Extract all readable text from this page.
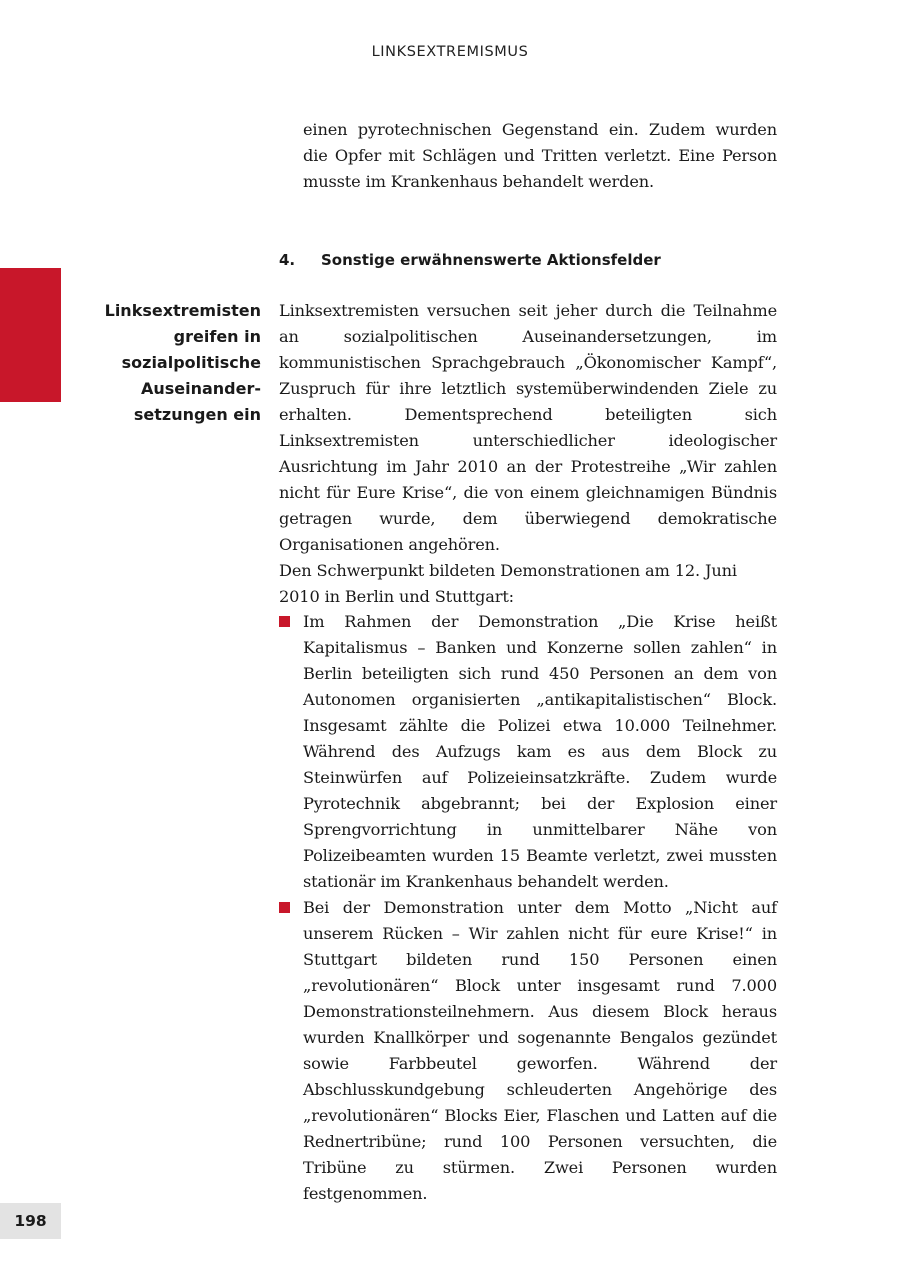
LINKSEXTREMISMUS

einen pyrotechnischen Gegenstand ein. Zudem wurden die Opfer mit Schlägen und Tritten verletzt. Eine Person musste im Krankenhaus behandelt werden.

4. Sonstige erwähnenswerte Aktionsfelder
Linksextremisten
greifen in
sozialpolitische
Auseinander-
setzungen ein

Linksextremisten versuchen seit jeher durch die Teilnahme an sozialpolitischen Auseinandersetzungen, im kommunistischen Sprachgebrauch „Ökonomischer Kampf“, Zuspruch für ihre letztlich systemüberwindenden Ziele zu erhalten. Dementsprechend beteiligten sich Linksextremisten unterschiedlicher ideologischer Ausrichtung im Jahr 2010 an der Protestreihe „Wir zahlen nicht für Eure Krise“, die von einem gleichnamigen Bündnis getragen wurde, dem überwiegend demokratische Organisationen angehören.

Den Schwerpunkt bildeten Demonstrationen am 12. Juni 2010 in Berlin und Stuttgart:

Im Rahmen der Demonstration „Die Krise heißt Kapitalismus – Banken und Konzerne sollen zahlen“ in Berlin beteiligten sich rund 450 Personen an dem von Autonomen organisierten „antikapitalistischen“ Block. Insgesamt zählte die Polizei etwa 10.000 Teilnehmer. Während des Aufzugs kam es aus dem Block zu Steinwürfen auf Polizeieinsatzkräfte. Zudem wurde Pyrotechnik abgebrannt; bei der Explosion einer Sprengvorrichtung in unmittelbarer Nähe von Polizeibeamten wurden 15 Beamte verletzt, zwei mussten stationär im Krankenhaus behandelt werden.
Bei der Demonstration unter dem Motto „Nicht auf unserem Rücken – Wir zahlen nicht für eure Krise!“ in Stuttgart bildeten rund 150 Personen einen „revolutionären“ Block unter insgesamt rund 7.000 Demonstrationsteilnehmern. Aus diesem Block heraus wurden Knallkörper und sogenannte Bengalos gezündet sowie Farbbeutel geworfen. Während der Abschlusskundgebung schleuderten Angehörige des „revolutionären“ Blocks Eier, Flaschen und Latten auf die Rednertribüne; rund 100 Personen versuchten, die Tribüne zu stürmen. Zwei Personen wurden festgenommen.
198
